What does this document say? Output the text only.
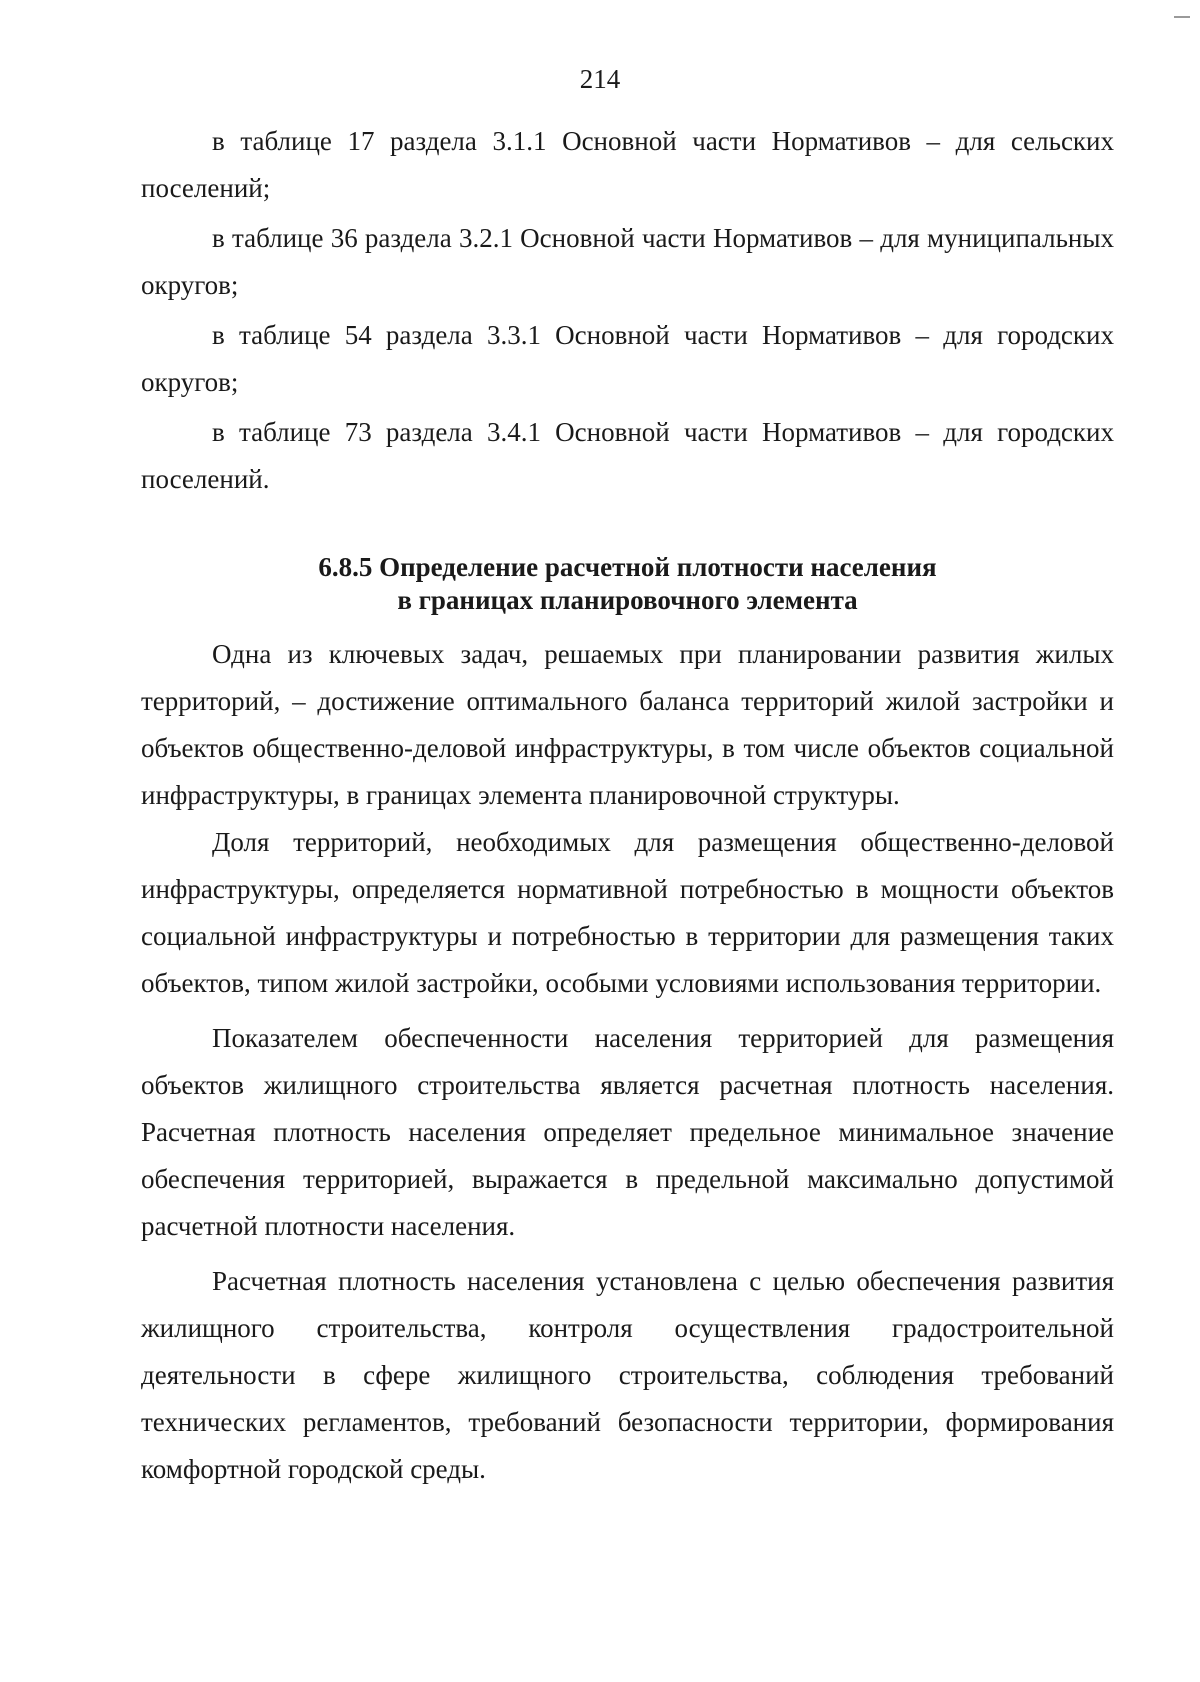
214

в таблице 17 раздела 3.1.1 Основной части Нормативов – для сельских поселений;

в таблице 36 раздела 3.2.1 Основной части Нормативов – для муниципальных округов;

в таблице 54 раздела 3.3.1 Основной части Нормативов – для городских округов;

в таблице 73 раздела 3.4.1 Основной части Нормативов – для городских поселений.

6.8.5 Определение расчетной плотности населения
в границах планировочного элемента

Одна из ключевых задач, решаемых при планировании развития жилых территорий, – достижение оптимального баланса территорий жилой застройки и объектов общественно-деловой инфраструктуры, в том числе объектов социальной инфраструктуры, в границах элемента планировочной структуры.

Доля территорий, необходимых для размещения общественно-деловой инфраструктуры, определяется нормативной потребностью в мощности объектов социальной инфраструктуры и потребностью в территории для размещения таких объектов, типом жилой застройки, особыми условиями использования территории.

Показателем обеспеченности населения территорией для размещения объектов жилищного строительства является расчетная плотность населения. Расчетная плотность населения определяет предельное минимальное значение обеспечения территорией, выражается в предельной максимально допустимой расчетной плотности населения.

Расчетная плотность населения установлена с целью обеспечения развития жилищного строительства, контроля осуществления градостроительной деятельности в сфере жилищного строительства, соблюдения требований технических регламентов, требований безопасности территории, формирования комфортной городской среды.
